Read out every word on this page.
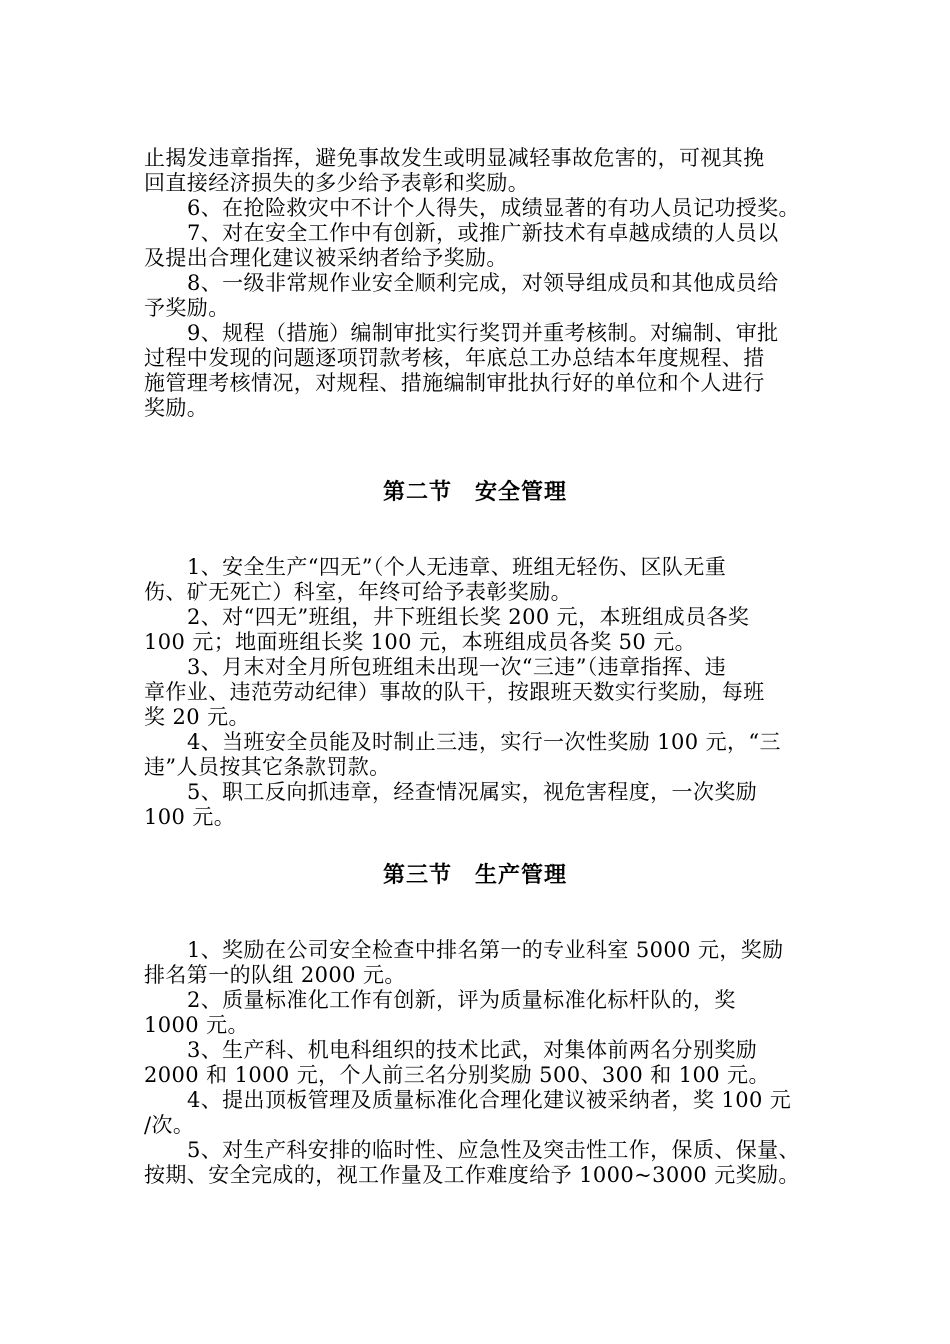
止揭发违章指挥，避免事故发生或明显减轻事故危害的，可视其挽
回直接经济损失的多少给予表彰和奖励。
6、在抢险救灾中不计个人得失，成绩显著的有功人员记功授奖。
7、对在安全工作中有创新，或推广新技术有卓越成绩的人员以
及提出合理化建议被采纳者给予奖励。
8、一级非常规作业安全顺利完成，对领导组成员和其他成员给
予奖励。
9、规程（措施）编制审批实行奖罚并重考核制。对编制、审批
过程中发现的问题逐项罚款考核，年底总工办总结本年度规程、措
施管理考核情况，对规程、措施编制审批执行好的单位和个人进行
奖励。
第二节　安全管理
1、安全生产“四无”（个人无违章、班组无轻伤、区队无重
伤、矿无死亡）科室，年终可给予表彰奖励。
2、对“四无”班组，井下班组长奖 200 元，本班组成员各奖
100 元；地面班组长奖 100 元，本班组成员各奖 50 元。
3、月末对全月所包班组未出现一次“三违”（违章指挥、违
章作业、违范劳动纪律）事故的队干，按跟班天数实行奖励，每班
奖 20 元。
4、当班安全员能及时制止三违，实行一次性奖励 100 元，“三
违”人员按其它条款罚款。
5、职工反向抓违章，经查情况属实，视危害程度，一次奖励
100 元。
第三节　生产管理
1、奖励在公司安全检查中排名第一的专业科室 5000 元，奖励
排名第一的队组 2000 元。
2、质量标准化工作有创新，评为质量标准化标杆队的，奖
1000 元。
3、生产科、机电科组织的技术比武，对集体前两名分别奖励
2000 和 1000 元，个人前三名分别奖励 500、300 和 100 元。
4、提出顶板管理及质量标准化合理化建议被采纳者，奖 100 元
/次。
5、对生产科安排的临时性、应急性及突击性工作，保质、保量、
按期、安全完成的，视工作量及工作难度给予 1000~3000 元奖励。
